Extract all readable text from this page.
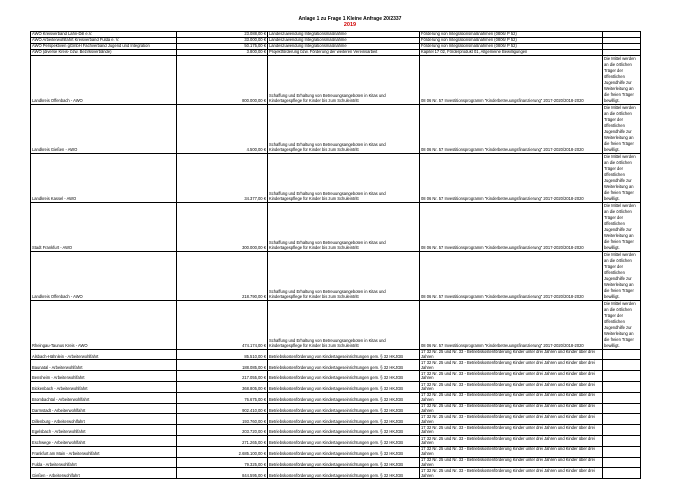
Anlage 1 zu Frage 1 Kleine Anfrage 20/2337
2019
AWO Kreisverband Lahn-Dill e.V.	23.088,00 €	Landeszuwendung Integrationsmaßnahme	Förderung von Integrationsmaßnahmen (0806/ P 52)	
AWO Arbeiterwohlfahrt Kreisverband Fulda e. V.	33.000,00 €	Landeszuwendung Integrationsmaßnahme	Förderung von Integrationsmaßnahmen (0806/ P 52)	
AWO Perspektiven gGmbH Fachverband Jugend und Integration	50.175,00 €	Landeszuwendung Integrationsmaßnahme	Förderung von Integrationsmaßnahmen (0806/ P 52)	
AWO (diverse Kreis- bzw. Bezirksverbände)	3.800,00 €	Projektförderung bzw. Förderung der weiteren Vereinsarbeit	Kapitel 17 02, Förderprodukt 01, Allgemeine Bewilligungen	
Landkreis Offenbach - AWO	800.000,00 €	Schaffung und Erhaltung von Betreuungsangeboten in Kitas und Kindertagespflege für Kinder bis zum Schuleintritt	08 06 Nr. 57 Investitionsprogramm "Kinderbetreuungsfinanzierung" 2017-2020/2018-2020	Die Mittel werden an die örtlichen Träger der öffentlichen Jugendhilfe zur Weiterleitung an die freien Träger bewilligt.
Landkreis Gießen - AWO	4.500,00 €	Schaffung und Erhaltung von Betreuungsangeboten in Kitas und Kindertagespflege für Kinder bis zum Schuleintritt	08 06 Nr. 57 Investitionsprogramm "Kinderbetreuungsfinanzierung" 2017-2020/2018-2020	Die Mittel werden an die örtlichen Träger der öffentlichen Jugendhilfe zur Weiterleitung an die freien Träger bewilligt.
Landkreis Kassel - AWO	34.377,00 €	Schaffung und Erhaltung von Betreuungsangeboten in Kitas und Kindertagespflege für Kinder bis zum Schuleintritt	08 06 Nr. 57 Investitionsprogramm "Kinderbetreuungsfinanzierung" 2017-2020/2018-2020	Die Mittel werden an die örtlichen Träger der öffentlichen Jugendhilfe zur Weiterleitung an die freien Träger bewilligt.
Stadt Frankfurt - AWO	300.000,00 €	Schaffung und Erhaltung von Betreuungsangeboten in Kitas und Kindertagespflege für Kinder bis zum Schuleintritt	08 06 Nr. 57 Investitionsprogramm "Kinderbetreuungsfinanzierung" 2017-2020/2018-2020	Die Mittel werden an die örtlichen Träger der öffentlichen Jugendhilfe zur Weiterleitung an die freien Träger bewilligt.
Landkreis Offenbach - AWO	218.790,00 €	Schaffung und Erhaltung von Betreuungsangeboten in Kitas und Kindertagespflege für Kinder bis zum Schuleintritt	08 06 Nr. 57 Investitionsprogramm "Kinderbetreuungsfinanzierung" 2017-2020/2018-2020	Die Mittel werden an die örtlichen Träger der öffentlichen Jugendhilfe zur Weiterleitung an die freien Träger bewilligt.
Rheingau-Taunus Kreis - AWO	474.174,00 €	Schaffung und Erhaltung von Betreuungsangeboten in Kitas und Kindertagespflege für Kinder bis zum Schuleintritt	08 06 Nr. 57 Investitionsprogramm "Kinderbetreuungsfinanzierung" 2017-2020/2018-2020	Die Mittel werden an die örtlichen Träger der öffentlichen Jugendhilfe zur Weiterleitung an die freien Träger bewilligt.
Alsbach-Hähnlein - Arbeiterwohlfahrt	85.510,00 €	Betriebskostenförderung von Kindertageseinrichtungen gem. § 32 HKJGB	17 32 Nr. 25 und Nr. 33 - Betriebskostenförderung Kinder unter drei Jahren und Kinder über drei Jahren	
Baunatal - Arbeiterwohlfahrt	188.085,00 €	Betriebskostenförderung von Kindertageseinrichtungen gem. § 32 HKJGB	17 32 Nr. 25 und Nr. 33 - Betriebskostenförderung Kinder unter drei Jahren und Kinder über drei Jahren	
Bensheim - Arbeiterwohlfahrt	217.055,00 €	Betriebskostenförderung von Kindertageseinrichtungen gem. § 32 HKJGB	17 32 Nr. 25 und Nr. 33 - Betriebskostenförderung Kinder unter drei Jahren und Kinder über drei Jahren	
Bickenbach - Arbeiterwohlfahrt	368.805,00 €	Betriebskostenförderung von Kindertageseinrichtungen gem. § 32 HKJGB	17 32 Nr. 25 und Nr. 33 - Betriebskostenförderung Kinder unter drei Jahren und Kinder über drei Jahren	
Brombachtal - Arbeiterwohlfahrt	76.675,00 €	Betriebskostenförderung von Kindertageseinrichtungen gem. § 32 HKJGB	17 32 Nr. 25 und Nr. 33 - Betriebskostenförderung Kinder unter drei Jahren und Kinder über drei Jahren	
Darmstadt - Arbeiterwohlfahrt	902.410,00 €	Betriebskostenförderung von Kindertageseinrichtungen gem. § 32 HKJGB	17 32 Nr. 25 und Nr. 33 - Betriebskostenförderung Kinder unter drei Jahren und Kinder über drei Jahren	
Dillenburg - Arbeiterwohlfahrt	193.760,00 €	Betriebskostenförderung von Kindertageseinrichtungen gem. § 32 HKJGB	17 32 Nr. 25 und Nr. 33 - Betriebskostenförderung Kinder unter drei Jahren und Kinder über drei Jahren	
Egelsbach - Arbeiterwohlfahrt	203.720,00 €	Betriebskostenförderung von Kindertageseinrichtungen gem. § 32 HKJGB	17 32 Nr. 25 und Nr. 33 - Betriebskostenförderung Kinder unter drei Jahren und Kinder über drei Jahren	
Eschwege - Arbeiterwohlfahrt	271.265,00 €	Betriebskostenförderung von Kindertageseinrichtungen gem. § 32 HKJGB	17 32 Nr. 25 und Nr. 33 - Betriebskostenförderung Kinder unter drei Jahren und Kinder über drei Jahren	
Frankfurt am Main - Arbeiterwohlfahrt	2.685.100,00 €	Betriebskostenförderung von Kindertageseinrichtungen gem. § 32 HKJGB	17 32 Nr. 25 und Nr. 33 - Betriebskostenförderung Kinder unter drei Jahren und Kinder über drei Jahren	
Fulda - Arbeiterwohlfahrt	79.325,00 €	Betriebskostenförderung von Kindertageseinrichtungen gem. § 32 HKJGB	17 32 Nr. 25 und Nr. 33 - Betriebskostenförderung Kinder unter drei Jahren und Kinder über drei Jahren	
Gießen - Arbeiterwohlfahrt	844.595,00 €	Betriebskostenförderung von Kindertageseinrichtungen gem. § 32 HKJGB	17 32 Nr. 25 und Nr. 33 - Betriebskostenförderung Kinder unter drei Jahren und Kinder über drei Jahren	
